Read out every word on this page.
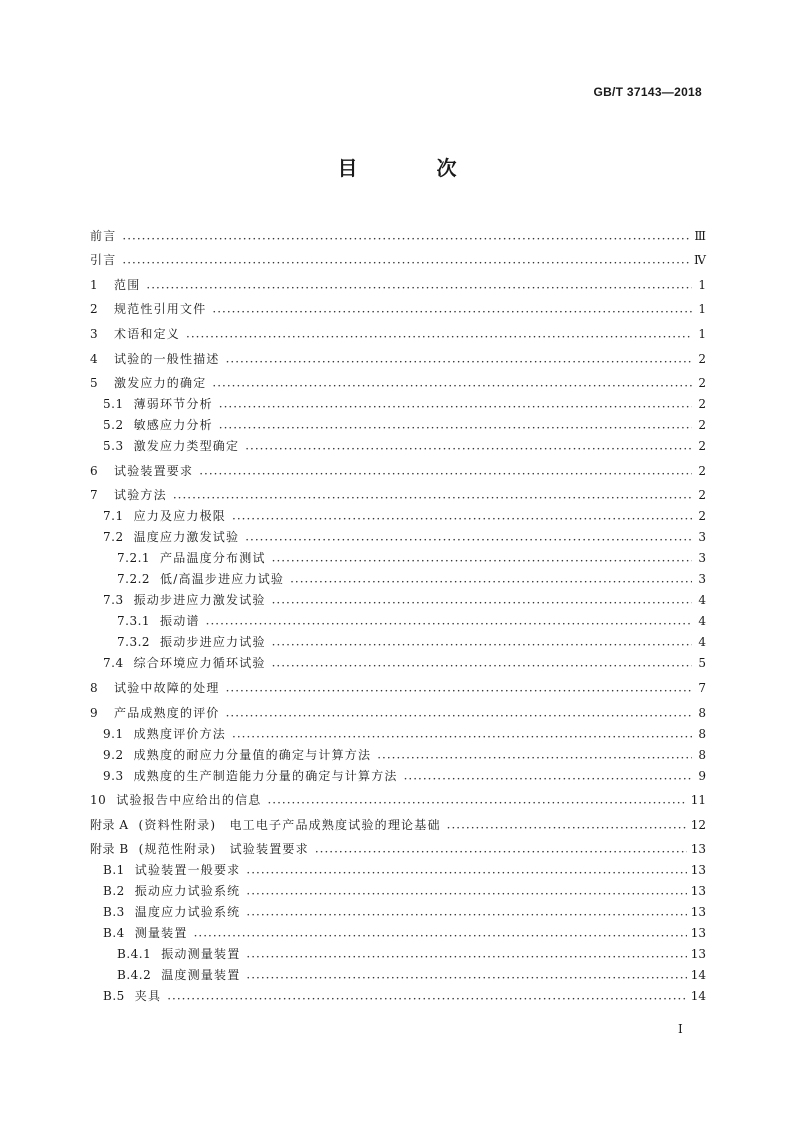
GB/T 37143—2018
目 次
前言 ·····	Ⅲ
引言 ·····	Ⅳ
1	范围 ·····	1
2	规范性引用文件 ·····	1
3	术语和定义 ·····	1
4	试验的一般性描述 ·····	2
5	激发应力的确定 ·····	2
5.1 薄弱环节分析 ·····	2
5.2 敏感应力分析 ·····	2
5.3 激发应力类型确定 ·····	2
6	试验装置要求 ·····	2
7	试验方法 ·····	2
7.1 应力及应力极限 ·····	2
7.2 温度应力激发试验 ·····	3
7.2.1 产品温度分布测试 ·····	3
7.2.2 低/高温步进应力试验 ·····	3
7.3 振动步进应力激发试验 ·····	4
7.3.1 振动谱 ·····	4
7.3.2 振动步进应力试验 ·····	4
7.4 综合环境应力循环试验 ·····	5
8	试验中故障的处理 ·····	7
9	产品成熟度的评价 ·····	8
9.1 成熟度评价方法 ·····	8
9.2 成熟度的耐应力分量值的确定与计算方法 ·····	8
9.3 成熟度的生产制造能力分量的确定与计算方法 ·····	9
10 试验报告中应给出的信息 ·····	11
附录 A (资料性附录)　电工电子产品成熟度试验的理论基础 ·····	12
附录 B (规范性附录)　试验装置要求 ·····	13
B.1 试验装置一般要求 ·····	13
B.2 振动应力试验系统 ·····	13
B.3 温度应力试验系统 ·····	13
B.4 测量装置 ·····	13
B.4.1 振动测量装置 ·····	13
B.4.2 温度测量装置 ·····	14
B.5 夹具 ·····	14
I
